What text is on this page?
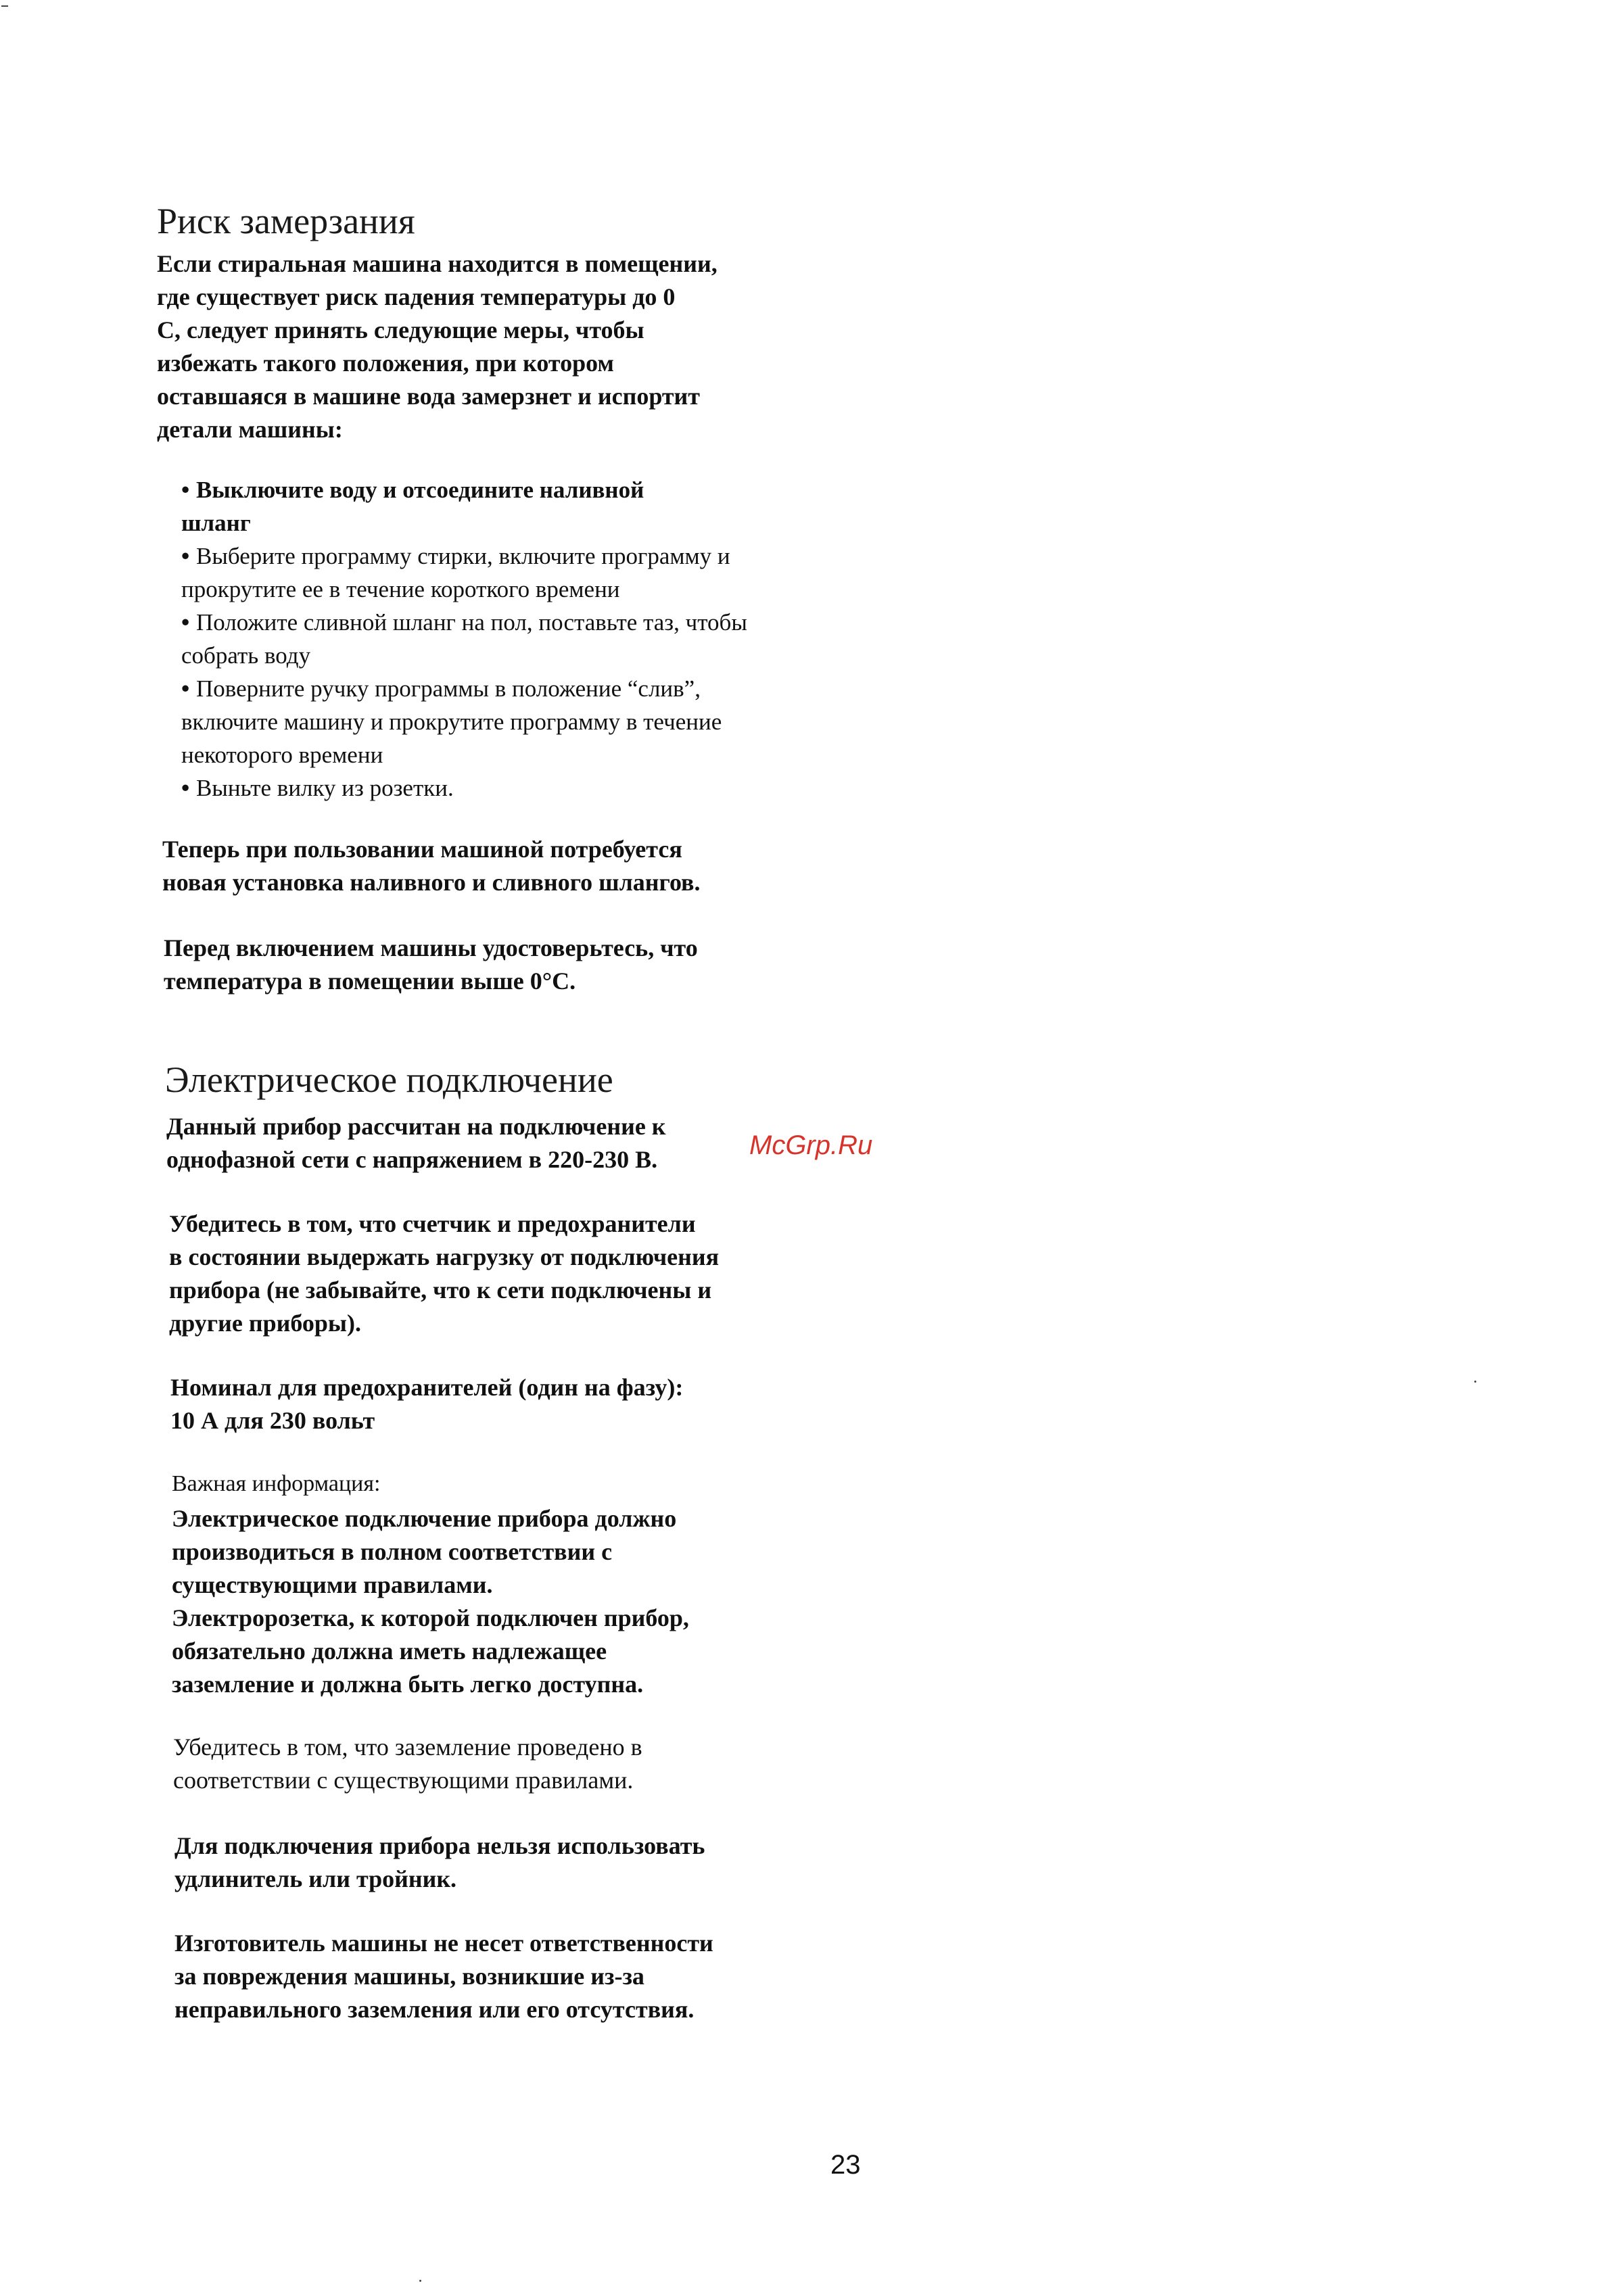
Риск замерзания

Если стиральная машина находится в помещении,

где существует риск падения температуры до 0

С, следует принять следующие меры, чтобы

избежать такого положения, при котором

оставшаяся в машине вода замерзнет и испортит

детали машины:

• Выключите воду и отсоедините наливной
шланг
• Выберите программу стирки, включите программу и
прокрутите ее в течение короткого времени
• Положите сливной шланг на пол, поставьте таз, чтобы
собрать воду
• Поверните ручку программы в положение “слив”,
включите машину и прокрутите программу в течение
некоторого времени
• Выньте вилку из розетки.

Теперь при пользовании машиной потребуется

новая установка наливного и сливного шлангов.

Перед включением машины удостоверьтесь, что

температура в помещении выше 0°С.

Электрическое подключение

Данный прибор рассчитан на подключение к

однофазной сети с напряжением в 220-230 В.	McGrp.Ru

Убедитесь в том, что счетчик и предохранители

в состоянии выдержать нагрузку от подключения

прибора (не забывайте, что к сети подключены и

другие приборы).

Номинал для предохранителей (один на фазу):

10 А для 230 вольт

Важная информация:

Электрическое подключение прибора должно

производиться в полном соответствии с

существующими правилами.

Электророзетка, к которой подключен прибор,

обязательно должна иметь надлежащее

заземление и должна быть легко доступна.

Убедитесь в том, что заземление проведено в

соответствии с существующими правилами.

Для подключения прибора нельзя использовать

удлинитель или тройник.

Изготовитель машины не несет ответственности

за повреждения машины, возникшие из-за

неправильного заземления или его отсутствия.

23
